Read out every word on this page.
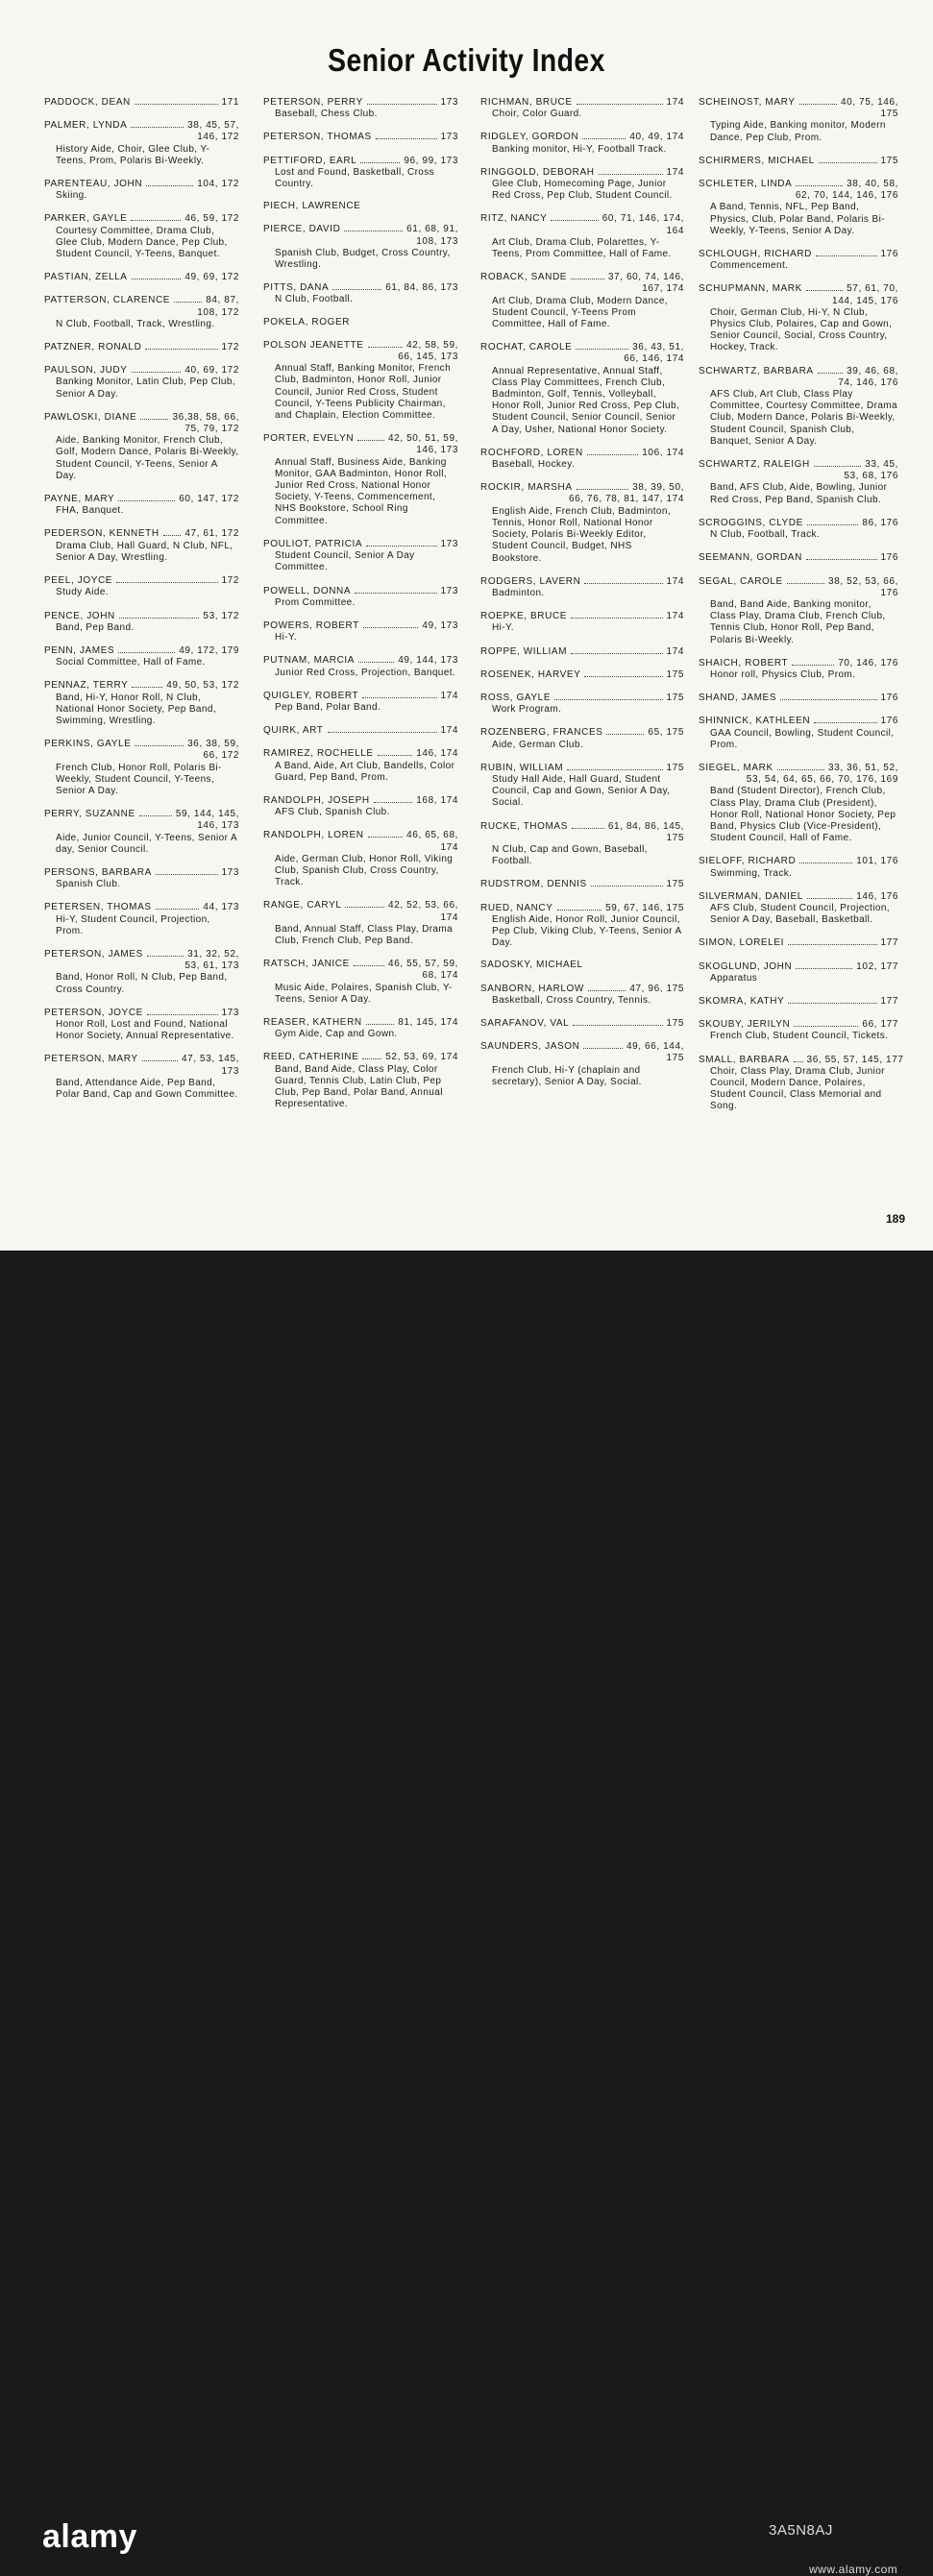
Senior Activity Index
PADDOCK, DEAN	171
PALMER, LYNDA	38, 45, 57,
146, 172
History Aide, Choir, Glee Club, Y-Teens, Prom, Polaris Bi-Weekly.
PARENTEAU, JOHN	104, 172
Skiing.
PARKER, GAYLE	46, 59, 172
Courtesy Committee, Drama Club, Glee Club, Modern Dance, Pep Club, Student Council, Y-Teens, Banquet.
PASTIAN, ZELLA	49, 69, 172
PATTERSON, CLARENCE	84, 87,
108, 172
N Club, Football, Track, Wrestling.
PATZNER, RONALD	172
PAULSON, JUDY	40, 69, 172
Banking Monitor, Latin Club, Pep Club, Senior A Day.
PAWLOSKI, DIANE	36,38, 58, 66,
75, 79, 172
Aide, Banking Monitor, French Club, Golf, Modern Dance, Polaris Bi-Weekly, Student Council, Y-Teens, Senior A Day.
PAYNE, MARY	60, 147, 172
FHA, Banquet.
PEDERSON, KENNETH	47, 61, 172
Drama Club, Hall Guard, N Club, NFL, Senior A Day, Wrestling.
PEEL, JOYCE	172
Study Aide.
PENCE, JOHN	53, 172
Band, Pep Band.
PENN, JAMES	49, 172, 179
Social Committee, Hall of Fame.
PENNAZ, TERRY	49, 50, 53, 172
Band, Hi-Y, Honor Roll, N Club, National Honor Society, Pep Band, Swimming, Wrestling.
PERKINS, GAYLE	36, 38, 59,
66, 172
French Club, Honor Roll, Polaris Bi-Weekly, Student Council, Y-Teens, Senior A Day.
PERRY, SUZANNE	59, 144, 145,
146, 173
Aide, Junior Council, Y-Teens, Senior A day, Senior Council.
PERSONS, BARBARA	173
Spanish Club.
PETERSEN, THOMAS	44, 173
Hi-Y, Student Council, Projection, Prom.
PETERSON, JAMES	31, 32, 52,
53, 61, 173
Band, Honor Roll, N Club, Pep Band, Cross Country.
PETERSON, JOYCE	173
Honor Roll, Lost and Found, National Honor Society, Annual Representative.
PETERSON, MARY	47, 53, 145,
173
Band, Attendance Aide, Pep Band, Polar Band, Cap and Gown Committee.
PETERSON, PERRY	173
Baseball, Chess Club.
PETERSON, THOMAS	173
PETTIFORD, EARL	96, 99, 173
Lost and Found, Basketball, Cross Country.
PIECH, LAWRENCE
PIERCE, DAVID	61, 68, 91,
108, 173
Spanish Club, Budget, Cross Country, Wrestling.
PITTS, DANA	61, 84, 86, 173
N Club, Football.
POKELA, ROGER
POLSON JEANETTE	42, 58, 59,
66, 145, 173
Annual Staff, Banking Monitor, French Club, Badminton, Honor Roll, Junior Council, Junior Red Cross, Student Council, Y-Teens Publicity Chairman, and Chaplain, Election Committee.
PORTER, EVELYN	42, 50, 51, 59,
146, 173
Annual Staff, Business Aide, Banking Monitor, GAA Badminton, Honor Roll, Junior Red Cross, National Honor Society, Y-Teens, Commencement, NHS Bookstore, School Ring Committee.
POULIOT, PATRICIA	173
Student Council, Senior A Day Committee.
POWELL, DONNA	173
Prom Committee.
POWERS, ROBERT	49, 173
Hi-Y.
PUTNAM, MARCIA	49, 144, 173
Junior Red Cross, Projection, Banquet.
QUIGLEY, ROBERT	174
Pep Band, Polar Band.
QUIRK, ART	174
RAMIREZ, ROCHELLE	146, 174
A Band, Aide, Art Club, Bandells, Color Guard, Pep Band, Prom.
RANDOLPH, JOSEPH	168, 174
AFS Club, Spanish Club.
RANDOLPH, LOREN	46, 65, 68,
174
Aide, German Club, Honor Roll, Viking Club, Spanish Club, Cross Country, Track.
RANGE, CARYL	42, 52, 53, 66,
174
Band, Annual Staff, Class Play, Drama Club, French Club, Pep Band.
RATSCH, JANICE	46, 55, 57, 59,
68, 174
Music Aide, Polaires, Spanish Club, Y-Teens, Senior A Day.
REASER, KATHERN	81, 145, 174
Gym Aide, Cap and Gown.
REED, CATHERINE	52, 53, 69, 174
Band, Band Aide, Class Play, Color Guard, Tennis Club, Latin Club, Pep Club, Pep Band, Polar Band, Annual Representative.
RICHMAN, BRUCE	174
Choir, Color Guard.
RIDGLEY, GORDON	40, 49, 174
Banking monitor, Hi-Y, Football Track.
RINGGOLD, DEBORAH	174
Glee Club, Homecoming Page, Junior Red Cross, Pep Club, Student Council.
RITZ, NANCY	60, 71, 146, 174,
164
Art Club, Drama Club, Polarettes, Y-Teens, Prom Committee, Hall of Fame.
ROBACK, SANDE	37, 60, 74, 146,
167, 174
Art Club, Drama Club, Modern Dance, Student Council, Y-Teens Prom Committee, Hall of Fame.
ROCHAT, CAROLE	36, 43, 51,
66, 146, 174
Annual Representative, Annual Staff, Class Play Committees, French Club, Badminton, Golf, Tennis, Volleyball, Honor Roll, Junior Red Cross, Pep Club, Student Council, Senior Council, Senior A Day, Usher, National Honor Society.
ROCHFORD, LOREN	106, 174
Baseball, Hockey.
ROCKIR, MARSHA	38, 39, 50,
66, 76, 78, 81, 147, 174
English Aide, French Club, Badminton, Tennis, Honor Roll, National Honor Society, Polaris Bi-Weekly Editor, Student Council, Budget, NHS Bookstore.
RODGERS, LAVERN	174
Badminton.
ROEPKE, BRUCE	174
Hi-Y.
ROPPE, WILLIAM	174
ROSENEK, HARVEY	175
ROSS, GAYLE	175
Work Program.
ROZENBERG, FRANCES	65, 175
Aide, German Club.
RUBIN, WILLIAM	175
Study Hall Aide, Hall Guard, Student Council, Cap and Gown, Senior A Day, Social.
RUCKE, THOMAS	61, 84, 86, 145,
175
N Club, Cap and Gown, Baseball, Football.
RUDSTROM, DENNIS	175
RUED, NANCY	59, 67, 146, 175
English Aide, Honor Roll, Junior Council, Pep Club, Viking Club, Y-Teens, Senior A Day.
SADOSKY, MICHAEL
SANBORN, HARLOW	47, 96, 175
Basketball, Cross Country, Tennis.
SARAFANOV, VAL	175
SAUNDERS, JASON	49, 66, 144,
175
French Club, Hi-Y (chaplain and secretary), Senior A Day, Social.
SCHEINOST, MARY	40, 75, 146,
175
Typing Aide, Banking monitor, Modern Dance, Pep Club, Prom.
SCHIRMERS, MICHAEL	175
SCHLETER, LINDA	38, 40, 58,
62, 70, 144, 146, 176
A Band, Tennis, NFL, Pep Band, Physics, Club, Polar Band, Polaris Bi-Weekly, Y-Teens, Senior A Day.
SCHLOUGH, RICHARD	176
Commencement.
SCHUPMANN, MARK	57, 61, 70,
144, 145, 176
Choir, German Club, Hi-Y, N Club, Physics Club, Polaires, Cap and Gown, Senior Council, Social, Cross Country, Hockey, Track.
SCHWARTZ, BARBARA	39, 46, 68,
74, 146, 176
AFS Club, Art Club, Class Play Committee, Courtesy Committee, Drama Club, Modern Dance, Polaris Bi-Weekly, Student Council, Spanish Club, Banquet, Senior A Day.
SCHWARTZ, RALEIGH	33, 45,
53, 68, 176
Band, AFS Club, Aide, Bowling, Junior Red Cross, Pep Band, Spanish Club.
SCROGGINS, CLYDE	86, 176
N Club, Football, Track.
SEEMANN, GORDAN	176
SEGAL, CAROLE	38, 52, 53, 66,
176
Band, Band Aide, Banking monitor, Class Play, Drama Club, French Club, Tennis Club, Honor Roll, Pep Band, Polaris Bi-Weekly.
SHAICH, ROBERT	70, 146, 176
Honor roll, Physics Club, Prom.
SHAND, JAMES	176
SHINNICK, KATHLEEN	176
GAA Council, Bowling, Student Council, Prom.
SIEGEL, MARK	33, 36, 51, 52,
53, 54, 64, 65, 66, 70, 176, 169
Band (Student Director), French Club, Class Play, Drama Club (President), Honor Roll, National Honor Society, Pep Band, Physics Club (Vice-President), Student Council, Hall of Fame.
SIELOFF, RICHARD	101, 176
Swimming, Track.
SILVERMAN, DANIEL	146, 176
AFS Club, Student Council, Projection, Senior A Day, Baseball, Basketball.
SIMON, LORELEI	177
SKOGLUND, JOHN	102, 177
Apparatus
SKOMRA, KATHY	177
SKOUBY, JERILYN	66, 177
French Club, Student Council, Tickets.
SMALL, BARBARA 36, 55, 57, 145, 177
Choir, Class Play, Drama Club, Junior Council, Modern Dance, Polaires, Student Council, Class Memorial and Song.
189
alamy	3A5N8AJ
www.alamy.com
